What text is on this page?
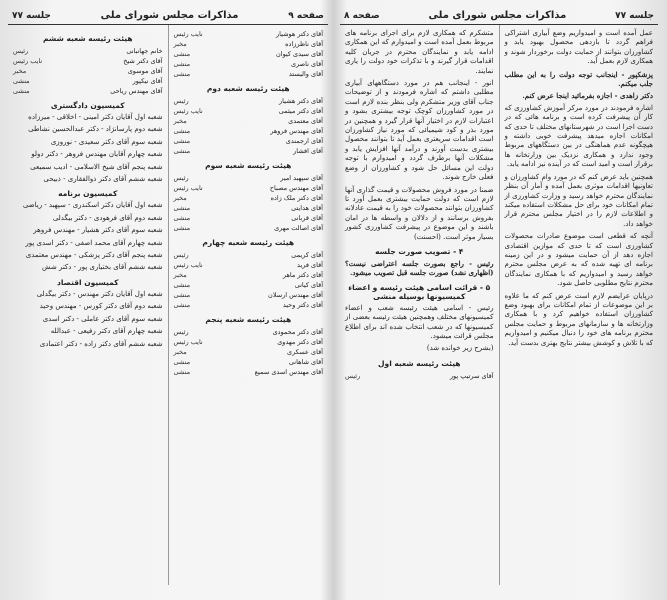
صفحه ۹
مذاکرات مجلس شورای ملی
جلسه ۷۷
آقای دکتر هوشیار
نایب رئیس
آقای ناظرزاده
مخبر
آقای سیدی کیوان
منشی
آقای ناصری
منشی
آقای والیستد
منشی
هیئت رئیسه شعبه دوم
آقای دکتر هشیار
رئیس
آقای دکتر میثمی
نایب رئیس
آقای معتمدی
مخبر
آقای مهندس فروهر
منشی
آقای ارجمندی
منشی
آقای افشار
منشی
هیئت رئیسه شعبه سوم
آقای سپهبد امیر
رئیس
آقای مهندس مصباح
نایب رئیس
آقای دکتر ملک زاده
مخبر
آقای هدایتی
منشی
آقای قربانی
منشی
آقای اصالت مهری
منشی
هیئت رئیسه شعبه چهارم
آقای کریمی
رئیس
آقای فرید
نایب رئیس
آقای دکتر ماهر
مخبر
آقای کیانی
منشی
آقای مهندس ارسلان
منشی
آقای دکتر وحید
منشی
هیئت رئیسه شعبه پنجم
آقای دکتر محمودی
رئیس
آقای دکتر مهدوی
نایب رئیس
آقای عسکری
مخبر
آقای شاهانی
منشی
آقای مهندس اسدی سمیع
منشی
هیئت رئیسه شعبه ششم
خانم جهانبانی
رئیس
آقای دکتر شیخ
نایب رئیس
آقای موسوی
مخبر
آقای نیکپور
منشی
آقای مهندس ریاحی
منشی
کمیسیون دادگستری

شعبه اول آقایان دکتر امینی - اخلاقی - میرزاده

شعبه دوم پارسانژاد - دکتر عبدالحسین نشاطی

شعبه سوم آقای دکتر سعیدی - نوروزی

شعبه چهارم آقایان مهندس فروهر - دکتر دولو

شعبه پنجم آقای شیخ الاسلامی - ادیب سمیعی

شعبه ششم آقای دکتر ذوالفقاری - ذبیحی

کمیسیون برنامه

شعبه اول آقایان دکتر اسکندری - سپهبد - ریاضی

شعبه دوم آقای فرهودی - دکتر بیگدلی

شعبه سوم آقای دکتر هشیار - مهندس فروهر

شعبه چهارم آقای محمد اصفی - دکتر اسدی پور

شعبه پنجم آقای دکتر پزشکی - مهندس معتمدی

شعبه ششم آقای بختیاری پور - دکتر شش

کمیسیون اقتصاد

شعبه اول آقایان دکتر مهندس - دکتر بیگدلی

شعبه دوم آقای دکتر کورس - مهندس وحید

شعبه سوم آقای دکتر عاملی - دکتر اسدی

شعبه چهارم آقای دکتر رفیعی - عبدالله

شعبه ششم آقای دکتر زاده - دکتر اعتمادی

جلسه ۷۷
مذاکرات مجلس شورای ملی
صفحه ۸

عمل آمده است و امیدواریم وضع آبیاری اشتراکی فراهم گردد تا بازدهی محصول بهبود یابد و کشاورزان بتوانند از حمایت دولت برخوردار شوند و همکاری لازم بعمل آید.

پزشکپور - اینجانب توجه دولت را به این مطلب جلب میکنم.

دکتر زاهدی - اجازه بفرمائید اینجا عرض کنم.

اشاره فرمودند در مورد مرکز آموزش کشاورزی که کار آن پیشرفت کرده است و برنامه هائی که در دست اجرا است در شهرستانهای مختلف تا حدی که امکانات اجازه میدهد پیشرفت خوبی داشته و هیچگونه عدم هماهنگی در بین دستگاههای مربوط وجود ندارد و همکاری نزدیک بین وزارتخانه ها برقرار است و امید است که در آینده نیز ادامه یابد.

همچنین باید عرض کنم که در مورد وام کشاورزان و تعاونیها اقدامات موثری بعمل آمده و آمار آن بنظر نمایندگان محترم خواهد رسید و وزارت کشاورزی از تمام امکانات خود برای حل مشکلات استفاده میکند و اطلاعات لازم را در اختیار مجلس محترم قرار خواهد داد.

آنچه که قطعی است موضوع صادرات محصولات کشاورزی است که تا حدی که موازین اقتصادی اجازه دهد از آن حمایت میشود و در این زمینه برنامه ای تهیه شده که به عرض مجلس محترم خواهد رسید و امیدواریم که با همکاری نمایندگان محترم نتایج مطلوبی حاصل شود.

درپایان عرایضم لازم است عرض کنم که ما علاوه بر این موضوعات از تمام امکانات برای بهبود وضع کشاورزان استفاده خواهیم کرد و با همکاری وزارتخانه ها و سازمانهای مربوط و حمایت مجلس محترم برنامه های خود را دنبال میکنیم و امیدواریم که با تلاش و کوشش بیشتر نتایج بهتری بدست آید.

متشکرم که همکاری لازم برای اجرای برنامه های مربوط بعمل آمده است و امیدوارم که این همکاری ادامه یابد و نمایندگان محترم در جریان کلیه اقدامات قرار گیرند و با تذکرات خود دولت را یاری نمایند.

انور - اینجانب هم در مورد دستگاههای آبیاری مطلبی داشتم که اشاره فرمودند و از توضیحات جناب آقای وزیر متشکرم ولی بنظر بنده لازم است در مورد کشاورزان کوچک توجه بیشتری بشود و اعتبارات لازم در اختیار آنها قرار گیرد و همچنین در مورد بذر و کود شیمیائی که مورد نیاز کشاورزان است اقدامات سریعتری بعمل آید تا بتوانند محصول بیشتری بدست آورند و درآمد آنها افزایش یابد و مشکلات آنها برطرف گردد و امیدوارم با توجه دولت این مسائل حل شود و کشاورزان از وضع فعلی خارج شوند.

ضمنا در مورد فروش محصولات و قیمت گذاری آنها لازم است که دولت حمایت بیشتری بعمل آورد تا کشاورزان بتوانند محصولات خود را به قیمت عادلانه بفروش برسانند و از دلالان و واسطه ها در امان باشند و این موضوع در پیشرفت کشاورزی کشور بسیار موثر است. (احسنت)

۴ - تصویب صورت جلسه

رئیس - راجع بصورت جلسه اعتراضی نیست؟ (اظهاری نشد) صورت جلسه قبل تصویب میشود.

۵ - قرائت اسامی هیئت رئیسه و اعضاء کمیسیونها بوسیله منشی

رئیس - اسامی هیئت رئیسه شعب و اعضاء کمیسیونهای مختلف وهمچنین هیئت رئیسه بعضی از کمیسیونها که در شعب انتخاب شده اند برای اطلاع مجلس قرائت میشود.

(بشرح زیر خوانده شد)

هیئت رئیسه شعبه اول
آقای سرتیپ پور
رئیس
